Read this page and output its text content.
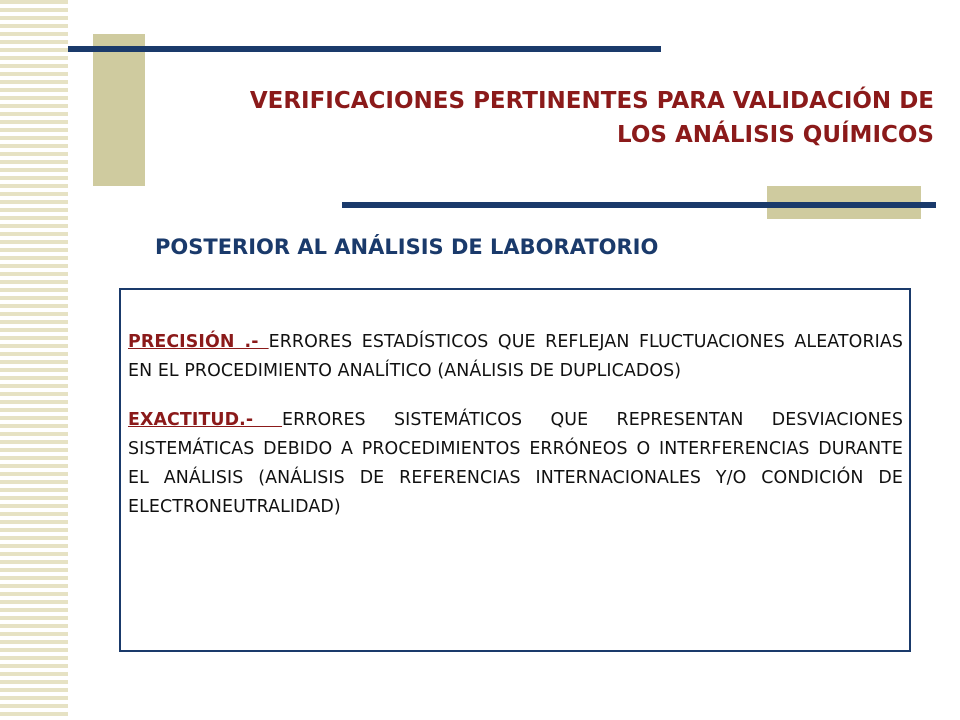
VERIFICACIONES PERTINENTES PARA VALIDACIÓN DE
LOS ANÁLISIS QUÍMICOS
POSTERIOR AL ANÁLISIS DE LABORATORIO

PRECISIÓN .- ERRORES ESTADÍSTICOS QUE REFLEJAN FLUCTUACIONES ALEATORIAS EN EL PROCEDIMIENTO ANALÍTICO (ANÁLISIS DE DUPLICADOS)

EXACTITUD.- ERRORES SISTEMÁTICOS QUE REPRESENTAN DESVIACIONES SISTEMÁTICAS DEBIDO A PROCEDIMIENTOS ERRÓNEOS O INTERFERENCIAS DURANTE EL ANÁLISIS (ANÁLISIS DE REFERENCIAS INTERNACIONALES Y/O CONDICIÓN DE ELECTRONEUTRALIDAD)
